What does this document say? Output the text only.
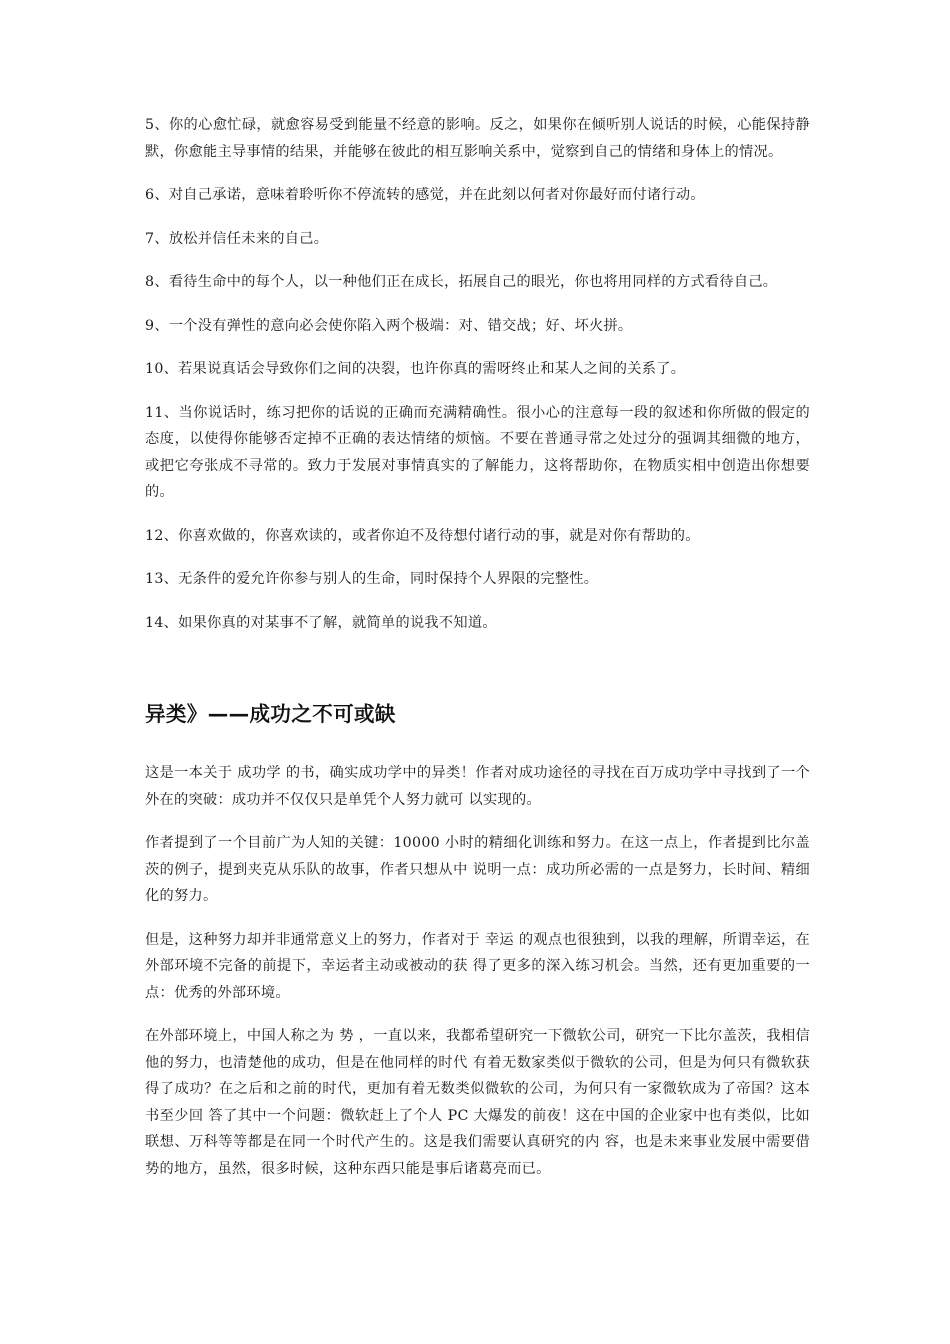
5、你的心愈忙碌，就愈容易受到能量不经意的影响。反之，如果你在倾听别人说话的时候，心能保持静默，你愈能主导事情的结果，并能够在彼此的相互影响关系中，觉察到自己的情绪和身体上的情况。

6、对自己承诺，意味着聆听你不停流转的感觉，并在此刻以何者对你最好而付诸行动。

7、放松并信任未来的自己。

8、看待生命中的每个人，以一种他们正在成长，拓展自己的眼光，你也将用同样的方式看待自己。

9、一个没有弹性的意向必会使你陷入两个极端：对、错交战；好、坏火拼。

10、若果说真话会导致你们之间的决裂，也许你真的需呀终止和某人之间的关系了。

11、当你说话时，练习把你的话说的正确而充满精确性。很小心的注意每一段的叙述和你所做的假定的态度，以使得你能够否定掉不正确的表达情绪的烦恼。不要在普通寻常之处过分的强调其细微的地方，或把它夸张成不寻常的。致力于发展对事情真实的了解能力，这将帮助你，在物质实相中创造出你想要的。

12、你喜欢做的，你喜欢读的，或者你迫不及待想付诸行动的事，就是对你有帮助的。

13、无条件的爱允许你参与别人的生命，同时保持个人界限的完整性。

14、如果你真的对某事不了解，就简单的说我不知道。

异类》——成功之不可或缺

这是一本关于 成功学 的书，确实成功学中的异类！作者对成功途径的寻找在百万成功学中寻找到了一个外在的突破：成功并不仅仅只是单凭个人努力就可 以实现的。

作者提到了一个目前广为人知的关键：10000 小时的精细化训练和努力。在这一点上，作者提到比尔盖茨的例子，提到夹克从乐队的故事，作者只想从中 说明一点：成功所必需的一点是努力，长时间、精细化的努力。

但是，这种努力却并非通常意义上的努力，作者对于 幸运 的观点也很独到，以我的理解，所谓幸运，在外部环境不完备的前提下，幸运者主动或被动的获 得了更多的深入练习机会。当然，还有更加重要的一点：优秀的外部环境。

在外部环境上，中国人称之为 势 ，一直以来，我都希望研究一下微软公司，研究一下比尔盖茨，我相信他的努力，也清楚他的成功，但是在他同样的时代 有着无数家类似于微软的公司，但是为何只有微软获得了成功？在之后和之前的时代，更加有着无数类似微软的公司，为何只有一家微软成为了帝国？这本书至少回 答了其中一个问题：微软赶上了个人 PC 大爆发的前夜！这在中国的企业家中也有类似，比如联想、万科等等都是在同一个时代产生的。这是我们需要认真研究的内 容，也是未来事业发展中需要借势的地方，虽然，很多时候，这种东西只能是事后诸葛亮而已。
